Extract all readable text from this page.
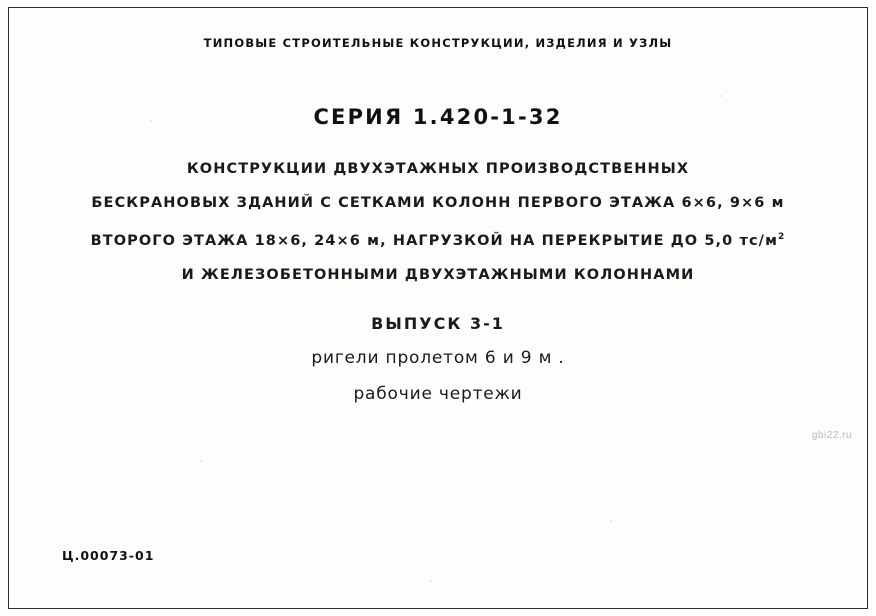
ТИПОВЫЕ СТРОИТЕЛЬНЫЕ КОНСТРУКЦИИ, ИЗДЕЛИЯ И УЗЛЫ
СЕРИЯ 1.420-1-32
КОНСТРУКЦИИ ДВУХЭТАЖНЫХ ПРОИЗВОДСТВЕННЫХ
БЕСКРАНОВЫХ ЗДАНИЙ С СЕТКАМИ КОЛОНН ПЕРВОГО ЭТАЖА 6×6, 9×6 м
ВТОРОГО ЭТАЖА 18×6, 24×6 м, НАГРУЗКОЙ НА ПЕРЕКРЫТИЕ ДО 5,0 $тс/м^2$
И ЖЕЛЕЗОБЕТОННЫМИ ДВУХЭТАЖНЫМИ КОЛОННАМИ
ВЫПУСК 3-1
ригели пролетом 6 и 9 м .
рабочие чертежи
Ц.00073-01
gbi22.ru
